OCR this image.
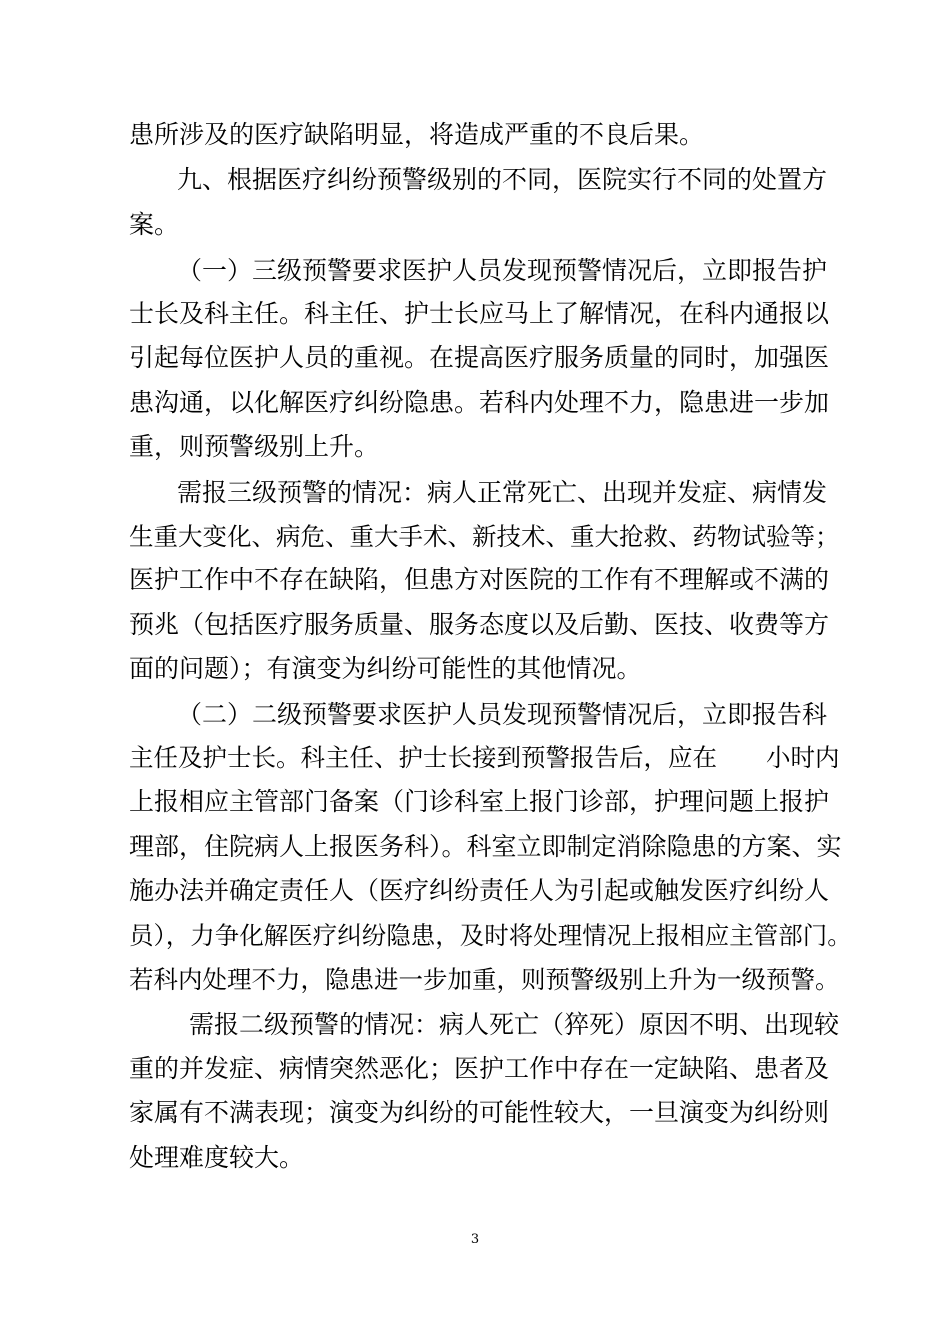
患所涉及的医疗缺陷明显，将造成严重的不良后果。
九、根据医疗纠纷预警级别的不同，医院实行不同的处置方
案。
（一）三级预警要求医护人员发现预警情况后，立即报告护
士长及科主任。科主任、护士长应马上了解情况，在科内通报以
引起每位医护人员的重视。在提高医疗服务质量的同时，加强医
患沟通，以化解医疗纠纷隐患。若科内处理不力，隐患进一步加
重，则预警级别上升。
需报三级预警的情况：病人正常死亡、出现并发症、病情发
生重大变化、病危、重大手术、新技术、重大抢救、药物试验等；
医护工作中不存在缺陷，但患方对医院的工作有不理解或不满的
预兆（包括医疗服务质量、服务态度以及后勤、医技、收费等方
面的问题）；有演变为纠纷可能性的其他情况。
（二）二级预警要求医护人员发现预警情况后，立即报告科
主任及护士长。科主任、护士长接到预警报告后，应在　　小时内
上报相应主管部门备案（门诊科室上报门诊部，护理问题上报护
理部，住院病人上报医务科）。科室立即制定消除隐患的方案、实
施办法并确定责任人（医疗纠纷责任人为引起或触发医疗纠纷人
员），力争化解医疗纠纷隐患，及时将处理情况上报相应主管部门。
若科内处理不力，隐患进一步加重，则预警级别上升为一级预警。
需报二级预警的情况：病人死亡（猝死）原因不明、出现较
重的并发症、病情突然恶化；医护工作中存在一定缺陷、患者及
家属有不满表现；演变为纠纷的可能性较大，一旦演变为纠纷则
处理难度较大。
3
